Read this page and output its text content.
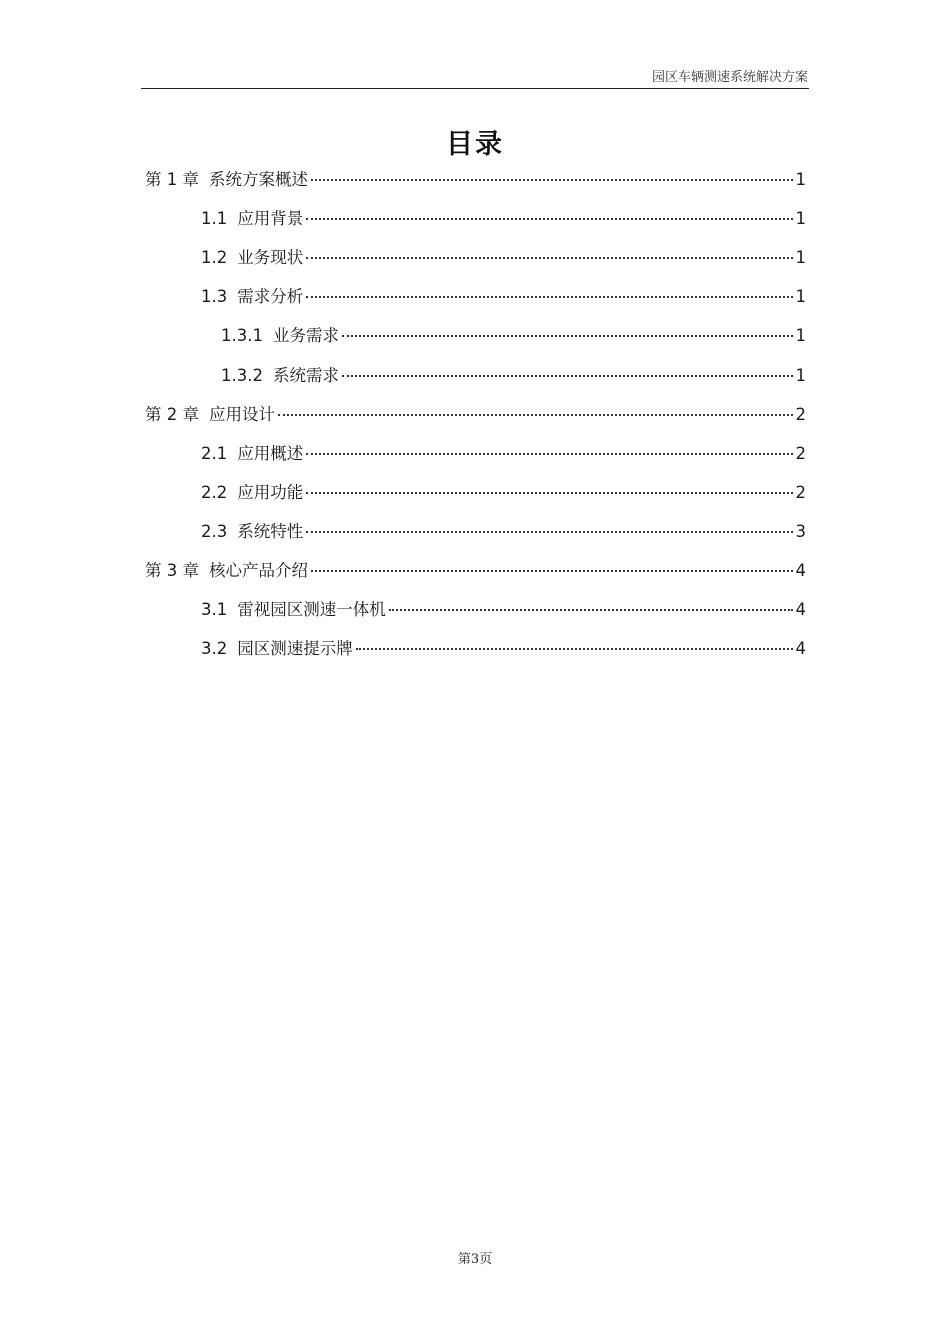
园区车辆测速系统解决方案
目录
第 1 章 系统方案概述	1
1.1 应用背景	1
1.2 业务现状	1
1.3 需求分析	1
1.3.1 业务需求	1
1.3.2 系统需求	1
第 2 章 应用设计	2
2.1 应用概述	2
2.2 应用功能	2
2.3 系统特性	3
第 3 章 核心产品介绍	4
3.1 雷视园区测速一体机	4
3.2 园区测速提示牌	4
第3页
